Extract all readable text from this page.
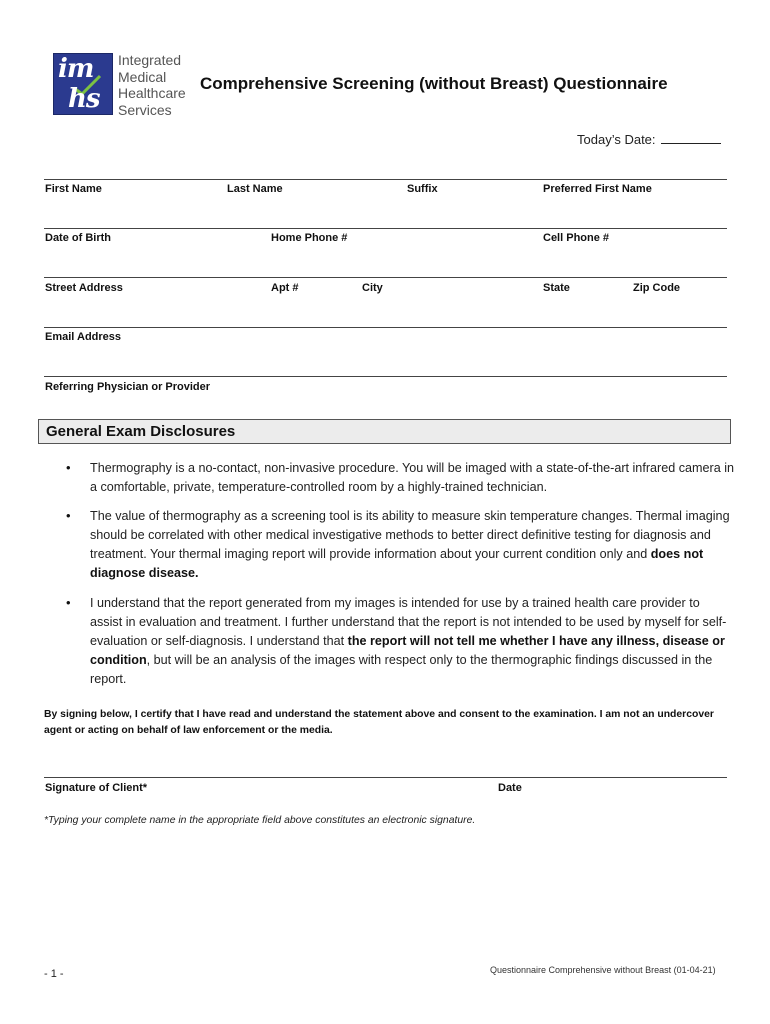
im
hs
Integrated
Medical
Healthcare
Services
Comprehensive Screening (without Breast) Questionnaire
Today’s Date:
First Name	Last Name	Suffix	Preferred First Name
Date of Birth	Home Phone #	Cell Phone #
Street Address	Apt #	City	State	Zip Code
Email Address
Referring Physician or Provider
General Exam Disclosures
• Thermography is a no-contact, non-invasive procedure. You will be imaged with a state-of-the-art infrared camera in a comfortable, private, temperature-controlled room by a highly-trained technician.
• The value of thermography as a screening tool is its ability to measure skin temperature changes. Thermal imaging should be correlated with other medical investigative methods to better direct definitive testing for diagnosis and treatment. Your thermal imaging report will provide information about your current condition only and does not diagnose disease.
• I understand that the report generated from my images is intended for use by a trained health care provider to assist in evaluation and treatment. I further understand that the report is not intended to be used by myself for self-evaluation or self-diagnosis. I understand that the report will not tell me whether I have any illness, disease or condition, but will be an analysis of the images with respect only to the thermographic findings discussed in the report.
By signing below, I certify that I have read and understand the statement above and consent to the examination. I am not an undercover agent or acting on behalf of law enforcement or the media.
Signature of Client*	Date
*Typing your complete name in the appropriate field above constitutes an electronic signature.
- 1 -	Questionnaire Comprehensive without Breast (01-04-21)
